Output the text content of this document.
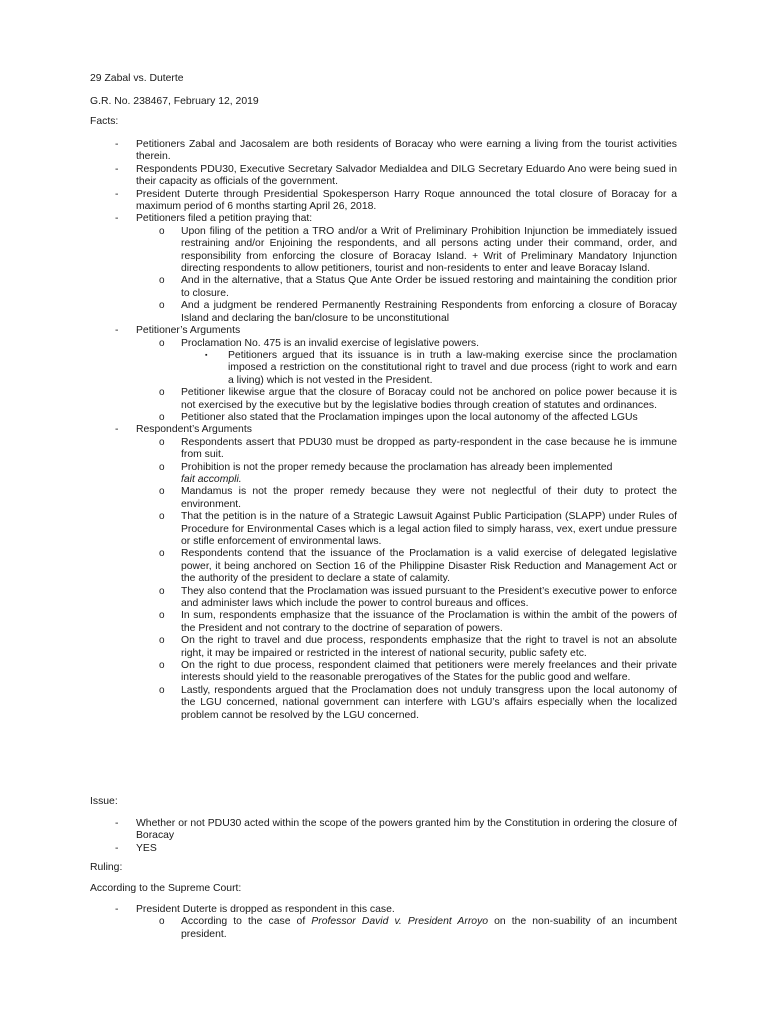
29 Zabal vs. Duterte

G.R. No. 238467, February 12, 2019

Facts:

- Petitioners Zabal and Jacosalem are both residents of Boracay who were earning a living from the tourist activities therein.
- Respondents PDU30, Executive Secretary Salvador Medialdea and DILG Secretary Eduardo Ano were being sued in their capacity as officials of the government.
- President Duterte through Presidential Spokesperson Harry Roque announced the total closure of Boracay for a maximum period of 6 months starting April 26, 2018.
- Petitioners filed a petition praying that:
o Upon filing of the petition a TRO and/or a Writ of Preliminary Prohibition Injunction be immediately issued restraining and/or Enjoining the respondents, and all persons acting under their command, order, and responsibility from enforcing the closure of Boracay Island. + Writ of Preliminary Mandatory Injunction directing respondents to allow petitioners, tourist and non-residents to enter and leave Boracay Island.
o And in the alternative, that a Status Que Ante Order be issued restoring and maintaining the condition prior to closure.
o And a judgment be rendered Permanently Restraining Respondents from enforcing a closure of Boracay Island and declaring the ban/closure to be unconstitutional
- Petitioner’s Arguments
o Proclamation No. 475 is an invalid exercise of legislative powers.
▪ Petitioners argued that its issuance is in truth a law-making exercise since the proclamation imposed a restriction on the constitutional right to travel and due process (right to work and earn a living) which is not vested in the President.
o Petitioner likewise argue that the closure of Boracay could not be anchored on police power because it is not exercised by the executive but by the legislative bodies through creation of statutes and ordinances.
o Petitioner also stated that the Proclamation impinges upon the local autonomy of the affected LGUs
- Respondent’s Arguments
o Respondents assert that PDU30 must be dropped as party-respondent in the case because he is immune from suit.
o Prohibition is not the proper remedy because the proclamation has already been implemented
fait accompli.
o Mandamus is not the proper remedy because they were not neglectful of their duty to protect the environment.
o That the petition is in the nature of a Strategic Lawsuit Against Public Participation (SLAPP) under Rules of Procedure for Environmental Cases which is a legal action filed to simply harass, vex, exert undue pressure or stifle enforcement of environmental laws.
o Respondents contend that the issuance of the Proclamation is a valid exercise of delegated legislative power, it being anchored on Section 16 of the Philippine Disaster Risk Reduction and Management Act or the authority of the president to declare a state of calamity.
o They also contend that the Proclamation was issued pursuant to the President’s executive power to enforce and administer laws which include the power to control bureaus and offices.
o In sum, respondents emphasize that the issuance of the Proclamation is within the ambit of the powers of the President and not contrary to the doctrine of separation of powers.
o On the right to travel and due process, respondents emphasize that the right to travel is not an absolute right, it may be impaired or restricted in the interest of national security, public safety etc.
o On the right to due process, respondent claimed that petitioners were merely freelances and their private interests should yield to the reasonable prerogatives of the States for the public good and welfare.
o Lastly, respondents argued that the Proclamation does not unduly transgress upon the local autonomy of the LGU concerned, national government can interfere with LGU’s affairs especially when the localized problem cannot be resolved by the LGU concerned.

Issue:

- Whether or not PDU30 acted within the scope of the powers granted him by the Constitution in ordering the closure of Boracay
- YES

Ruling:

According to the Supreme Court:

- President Duterte is dropped as respondent in this case.
o According to the case of Professor David v. President Arroyo on the non-suability of an incumbent president.
